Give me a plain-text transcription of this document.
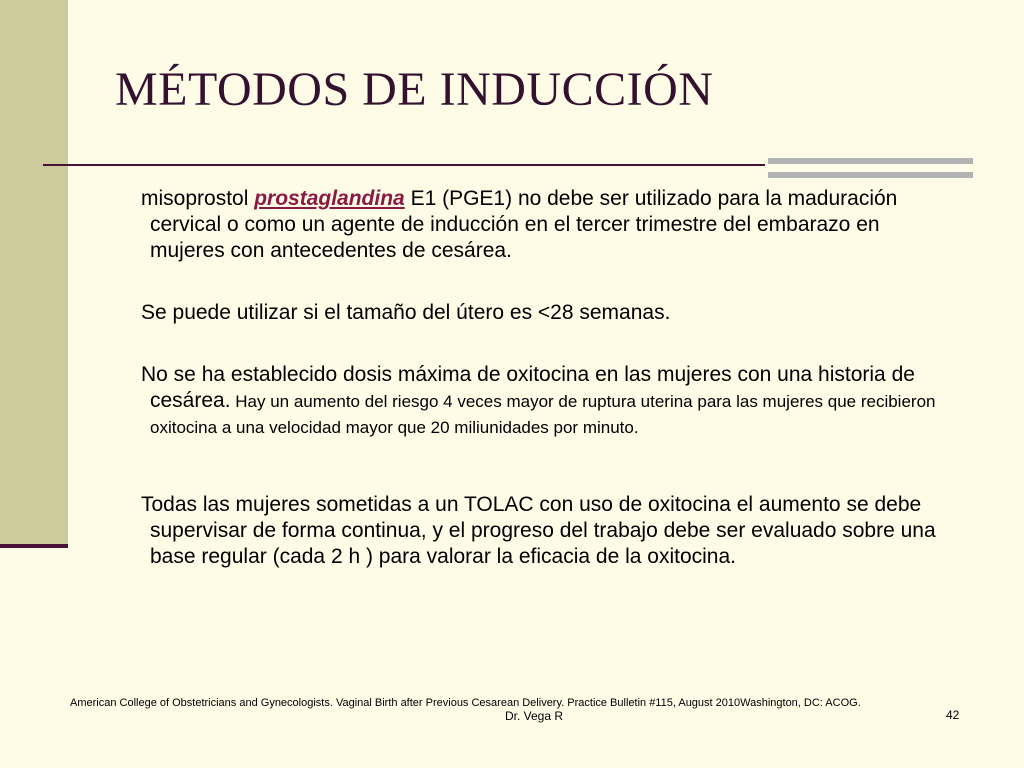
MÉTODOS DE INDUCCIÓN

misoprostol prostaglandina E1 (PGE1) no debe ser utilizado para la maduración cervical o como un agente de inducción en el tercer trimestre del embarazo en mujeres con antecedentes de cesárea.

Se puede utilizar si el tamaño del útero es <28 semanas.

No se ha establecido dosis máxima de oxitocina en las mujeres con una historia de cesárea. Hay un aumento del riesgo 4 veces mayor de ruptura uterina para las mujeres que recibieron oxitocina a una velocidad mayor que 20 miliunidades por minuto.

Todas las mujeres sometidas a un TOLAC con uso de oxitocina el aumento se debe supervisar de forma continua, y el progreso del trabajo debe ser evaluado sobre una base regular (cada 2 h ) para valorar la eficacia de la oxitocina.

American College of Obstetricians and Gynecologists. Vaginal Birth after Previous Cesarean Delivery. Practice Bulletin #115, August 2010Washington, DC: ACOG.
Dr. Vega R	42
